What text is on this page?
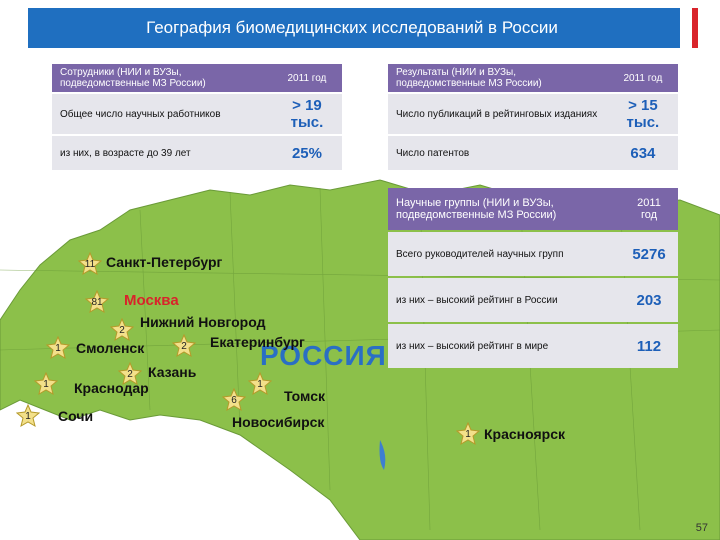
География биомедицинских исследований в России
Сотрудники (НИИ и ВУЗы, подведомственные МЗ России)	2011 год
Общее число научных работников	> 19 тыс.
из них, в возрасте до 39 лет	25%
Результаты (НИИ и ВУЗы, подведомственные МЗ России)	2011 год
Число публикаций в рейтинговых изданиях	> 15 тыс.
Число патентов	634
Научные группы (НИИ и ВУЗы, подведомственные МЗ России)	2011 год
Всего руководителей научных групп	5276
из них – высокий рейтинг в России	203
из них – высокий рейтинг в мире	112
РОССИЯ
11 Санкт-Петербург
81 Москва
2 Нижний Новгород
1 Смоленск	2 Екатеринбург
2 Казань
1 Краснодар
1 Сочи
6
Новосибирск
1
Томск
1 Красноярск
57
